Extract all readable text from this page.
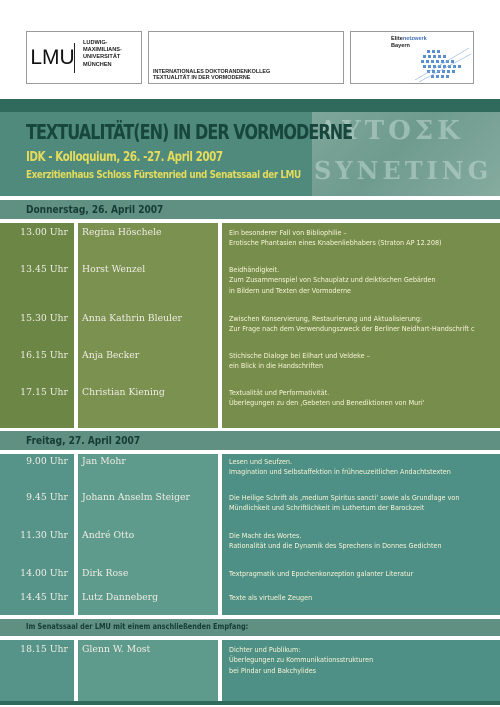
LMU
LUDWIG-
MAXIMILIANS-
UNIVERSITÄT
MÜNCHEN
INTERNATIONALES DOKTORANDENKOLLEG
TEXTUALITÄT IN DER VORMODERNE
Elitenetzwerk
Bayern
ΑΥΤΟΣΚ
SYNETING
TEXTUALITÄT(EN) IN DER VORMODERNE
IDK - Kolloquium, 26. -27. April 2007
Exerzitienhaus Schloss Fürstenried und Senatssaal der LMU
Donnerstag, 26. April 2007
13.00 Uhr Regina Höschele	Ein besonderer Fall von Bibliophilie –
Erotische Phantasien eines Knabenliebhabers (Straton AP 12.208)
13.45 Uhr Horst Wenzel	Beidhändigkeit.
Zum Zusammenspiel von Schauplatz und deiktischen Gebärden
in Bildern und Texten der Vormoderne
15.30 Uhr Anna Kathrin Bleuler	Zwischen Konservierung, Restaurierung und Aktualisierung:
Zur Frage nach dem Verwendungszweck der Berliner Neidhart-Handschrift c
16.15 Uhr Anja Becker	Stichische Dialoge bei Eilhart und Veldeke –
ein Blick in die Handschriften
17.15 Uhr Christian Kiening	Textualität und Performativität.
Überlegungen zu den ‚Gebeten und Benediktionen von Muri‘
Freitag, 27. April 2007
9.00 Uhr Jan Mohr	Lesen und Seufzen.
Imagination und Selbstaffektion in frühneuzeitlichen Andachtstexten
9.45 Uhr Johann Anselm Steiger	Die Heilige Schrift als ‚medium Spiritus sancti‘ sowie als Grundlage von
Mündlichkeit und Schriftlichkeit im Luthertum der Barockzeit
11.30 Uhr André Otto	Die Macht des Wortes.
Rationalität und die Dynamik des Sprechens in Donnes Gedichten
14.00 Uhr Dirk Rose	Textpragmatik und Epochenkonzeption galanter Literatur
14.45 Uhr Lutz Danneberg	Texte als virtuelle Zeugen
Im Senatssaal der LMU mit einem anschließenden Empfang:
18.15 Uhr Glenn W. Most	Dichter und Publikum:
Überlegungen zu Kommunikationsstrukturen
bei Pindar und Bakchylides
